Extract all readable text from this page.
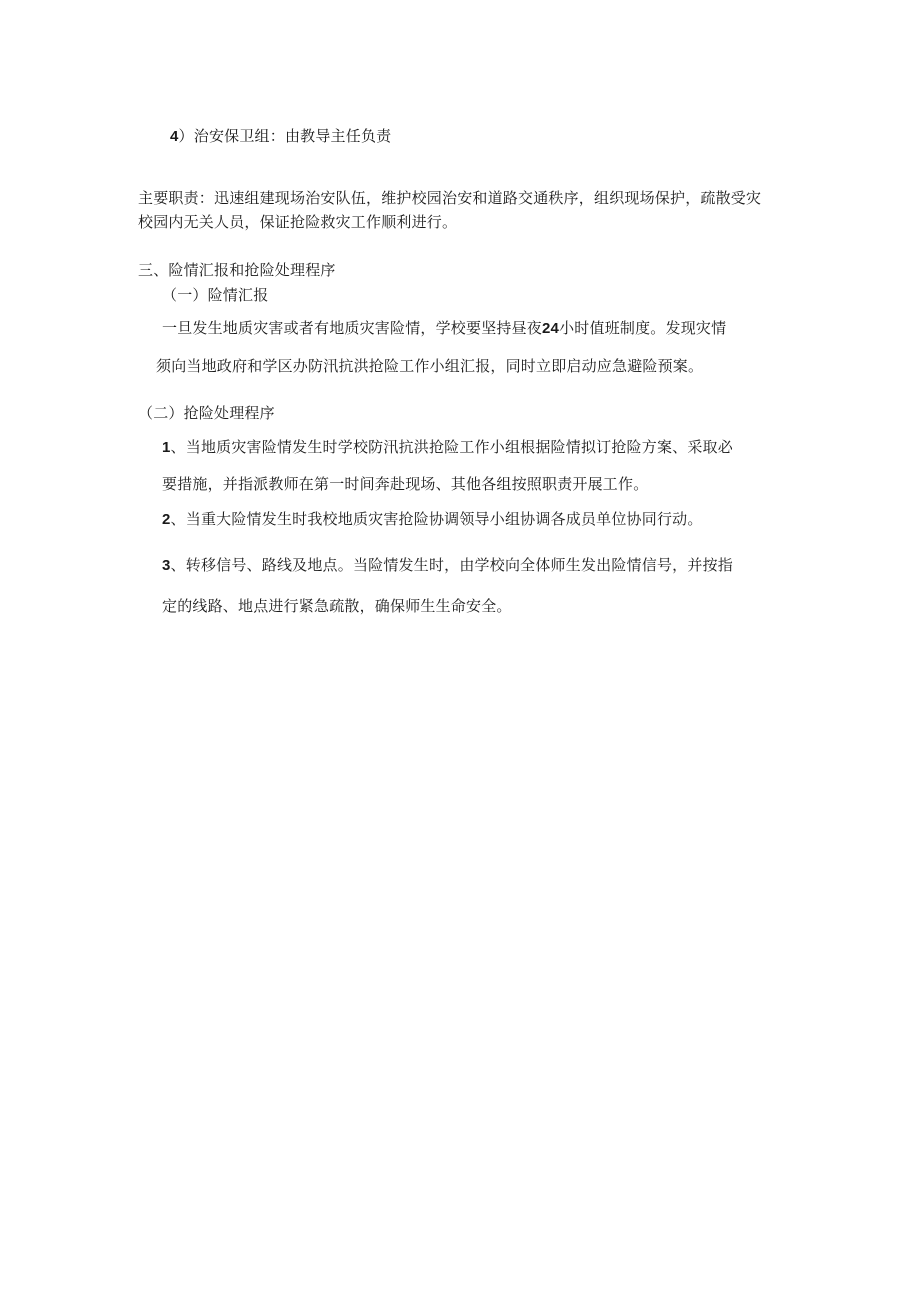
4）治安保卫组：由教导主任负责
主要职责：迅速组建现场治安队伍，维护校园治安和道路交通秩序，组织现场保护，疏散受灾
校园内无关人员，保证抢险救灾工作顺利进行。
三、险情汇报和抢险处理程序
（一）险情汇报
一旦发生地质灾害或者有地质灾害险情，学校要坚持昼夜24小时值班制度。发现灾情
须向当地政府和学区办防汛抗洪抢险工作小组汇报，同时立即启动应急避险预案。
（二）抢险处理程序
1、当地质灾害险情发生时学校防汛抗洪抢险工作小组根据险情拟订抢险方案、采取必
要措施，并指派教师在第一时间奔赴现场、其他各组按照职责开展工作。
2、当重大险情发生时我校地质灾害抢险协调领导小组协调各成员单位协同行动。
3、转移信号、路线及地点。当险情发生时，由学校向全体师生发出险情信号，并按指
定的线路、地点进行紧急疏散，确保师生生命安全。
